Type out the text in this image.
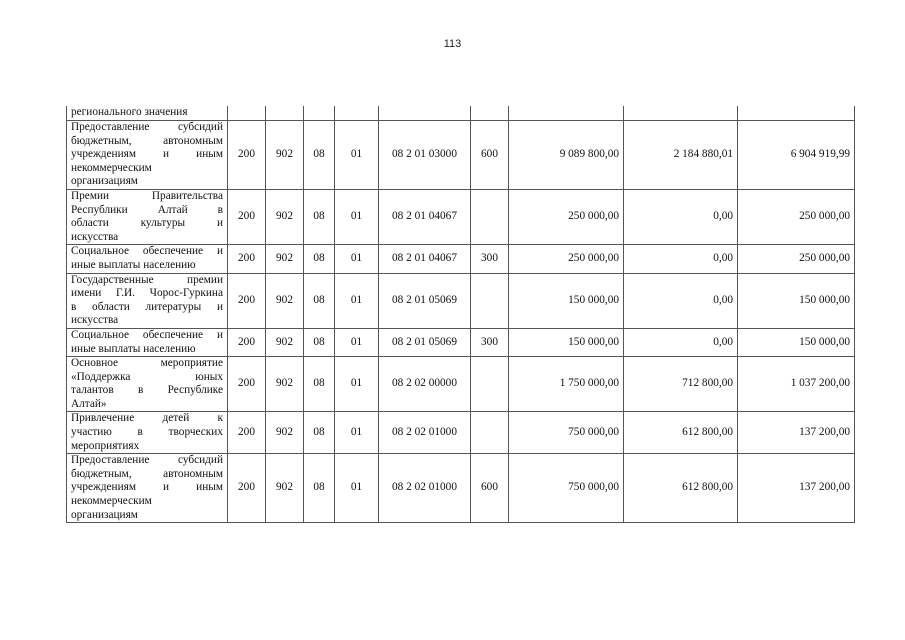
113
регионального значения									

Предоставление субсидий
бюджетным, автономным
учреждениям и иным
некоммерческим
организациям	200	902	08	01	08 2 01 03000	600	9 089 800,00	2 184 880,01	6 904 919,99

Премии Правительства
Республики Алтай в
области культуры и
искусства	200	902	08	01	08 2 01 04067		250 000,00	0,00	250 000,00

Социальное обеспечение и
иные выплаты населению	200	902	08	01	08 2 01 04067	300	250 000,00	0,00	250 000,00

Государственные премии
имени Г.И. Чорос-Гуркина
в области литературы и
искусства	200	902	08	01	08 2 01 05069		150 000,00	0,00	150 000,00

Социальное обеспечение и
иные выплаты населению	200	902	08	01	08 2 01 05069	300	150 000,00	0,00	150 000,00

Основное мероприятие
«Поддержка юных
талантов в Республике
Алтай»	200	902	08	01	08 2 02 00000		1 750 000,00	712 800,00	1 037 200,00

Привлечение детей к
участию в творческих
мероприятиях	200	902	08	01	08 2 02 01000		750 000,00	612 800,00	137 200,00

Предоставление субсидий
бюджетным, автономным
учреждениям и иным
некоммерческим
организациям	200	902	08	01	08 2 02 01000	600	750 000,00	612 800,00	137 200,00
